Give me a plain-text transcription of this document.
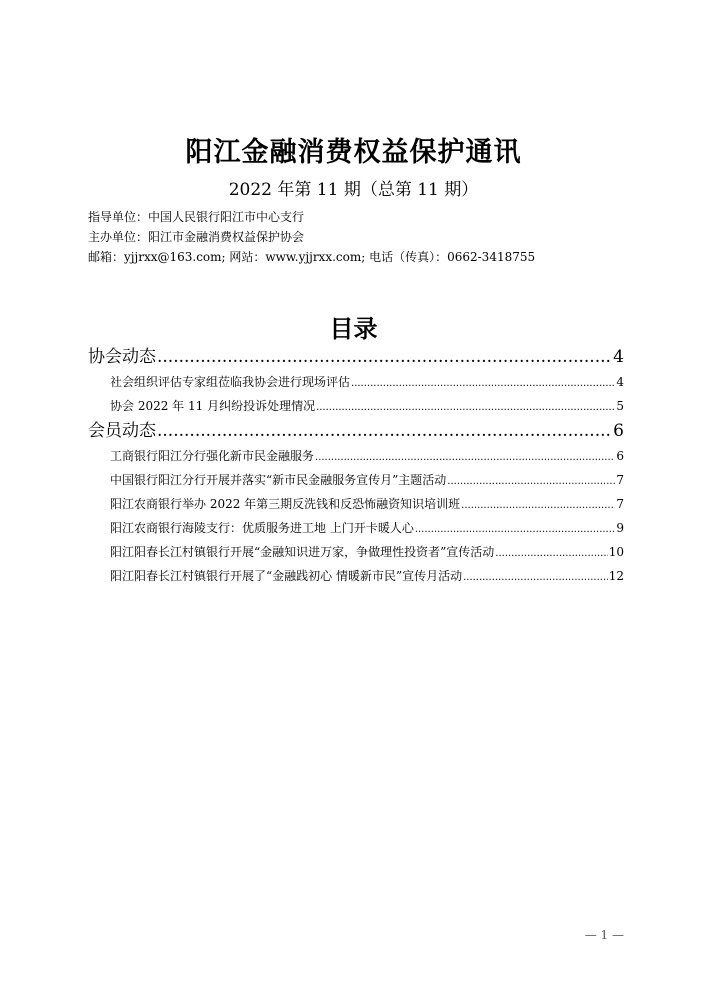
阳江金融消费权益保护通讯
2022 年第 11 期（总第 11 期）
指导单位：中国人民银行阳江市中心支行
主办单位：阳江市金融消费权益保护协会
邮箱：yjjrxx@163.com; 网站：www.yjjrxx.com; 电话（传真）：0662-3418755
目录
协会动态 .....	4
社会组织评估专家组莅临我协会进行现场评估 .....	4
协会 2022 年 11 月纠纷投诉处理情况 .....	5
会员动态 .....	6
工商银行阳江分行强化新市民金融服务 .....	6
中国银行阳江分行开展并落实“新市民金融服务宣传月”主题活动 .....	7
阳江农商银行举办 2022 年第三期反洗钱和反恐怖融资知识培训班 .....	7
阳江农商银行海陵支行：优质服务进工地 上门开卡暖人心 .....	9
阳江阳春长江村镇银行开展“金融知识进万家，争做理性投资者”宣传活动 .....	10
阳江阳春长江村镇银行开展了“金融践初心 情暖新市民”宣传月活动 .....	12
— 1 —
